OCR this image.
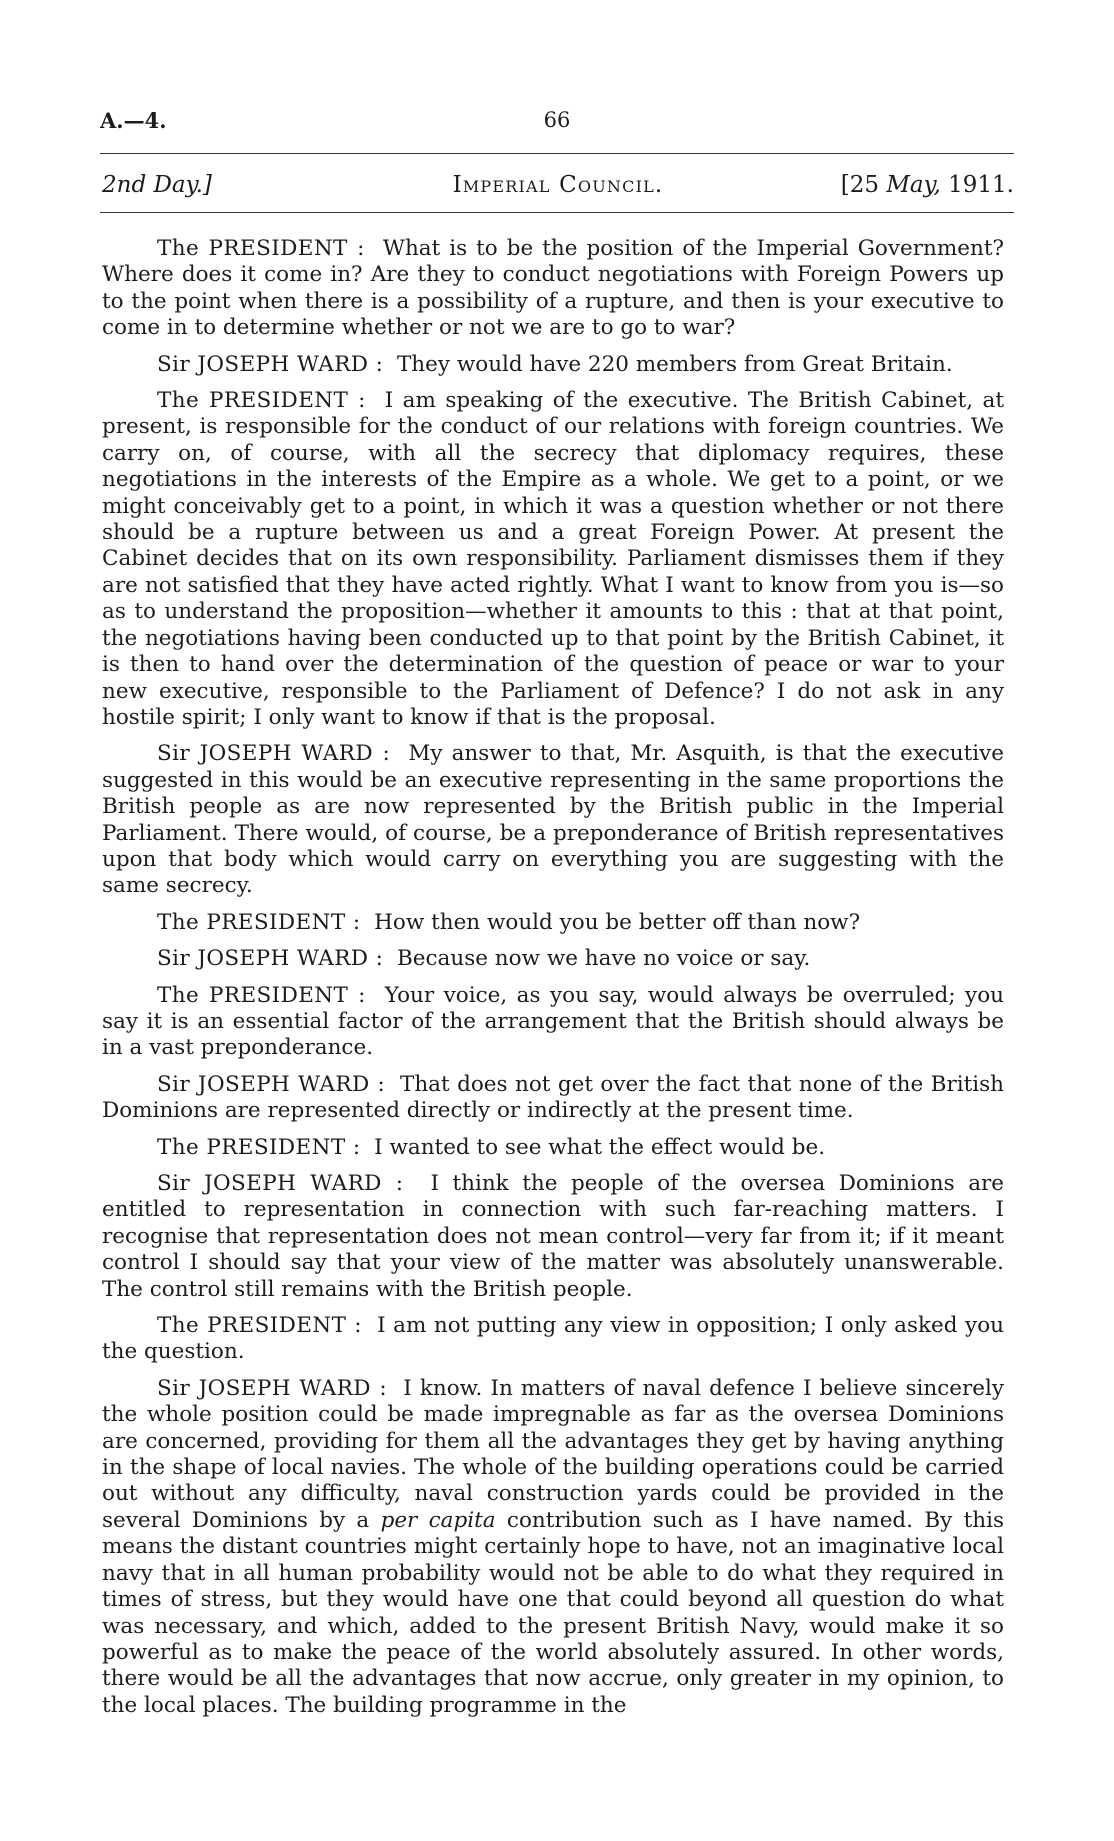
A.—4.	66
2nd Day.]	Imperial Council.	[25 May, 1911.

The PRESIDENT : What is to be the position of the Imperial Government? Where does it come in? Are they to conduct negotiations with Foreign Powers up to the point when there is a possibility of a rupture, and then is your executive to come in to determine whether or not we are to go to war?

Sir JOSEPH WARD : They would have 220 members from Great Britain.

The PRESIDENT : I am speaking of the executive. The British Cabinet, at present, is responsible for the conduct of our relations with foreign countries. We carry on, of course, with all the secrecy that diplomacy requires, these negotiations in the interests of the Empire as a whole. We get to a point, or we might conceivably get to a point, in which it was a question whether or not there should be a rupture between us and a great Foreign Power. At present the Cabinet decides that on its own responsibility. Parliament dismisses them if they are not satisfied that they have acted rightly. What I want to know from you is—so as to understand the proposition—whether it amounts to this : that at that point, the negotiations having been conducted up to that point by the British Cabinet, it is then to hand over the determination of the question of peace or war to your new executive, responsible to the Parliament of Defence? I do not ask in any hostile spirit; I only want to know if that is the proposal.

Sir JOSEPH WARD : My answer to that, Mr. Asquith, is that the executive suggested in this would be an executive representing in the same proportions the British people as are now represented by the British public in the Imperial Parliament. There would, of course, be a preponderance of British representatives upon that body which would carry on everything you are suggesting with the same secrecy.

The PRESIDENT : How then would you be better off than now?

Sir JOSEPH WARD : Because now we have no voice or say.

The PRESIDENT : Your voice, as you say, would always be overruled; you say it is an essential factor of the arrangement that the British should always be in a vast preponderance.

Sir JOSEPH WARD : That does not get over the fact that none of the British Dominions are represented directly or indirectly at the present time.

The PRESIDENT : I wanted to see what the effect would be.

Sir JOSEPH WARD : I think the people of the oversea Dominions are entitled to representation in connection with such far-reaching matters. I recognise that representation does not mean control—very far from it; if it meant control I should say that your view of the matter was absolutely unanswerable. The control still remains with the British people.

The PRESIDENT : I am not putting any view in opposition; I only asked you the question.

Sir JOSEPH WARD : I know. In matters of naval defence I believe sincerely the whole position could be made impregnable as far as the oversea Dominions are concerned, providing for them all the advantages they get by having anything in the shape of local navies. The whole of the building operations could be carried out without any difficulty, naval construction yards could be provided in the several Dominions by a per capita contribution such as I have named. By this means the distant countries might certainly hope to have, not an imaginative local navy that in all human probability would not be able to do what they required in times of stress, but they would have one that could beyond all question do what was necessary, and which, added to the present British Navy, would make it so powerful as to make the peace of the world absolutely assured. In other words, there would be all the advantages that now accrue, only greater in my opinion, to the local places. The building programme in the
